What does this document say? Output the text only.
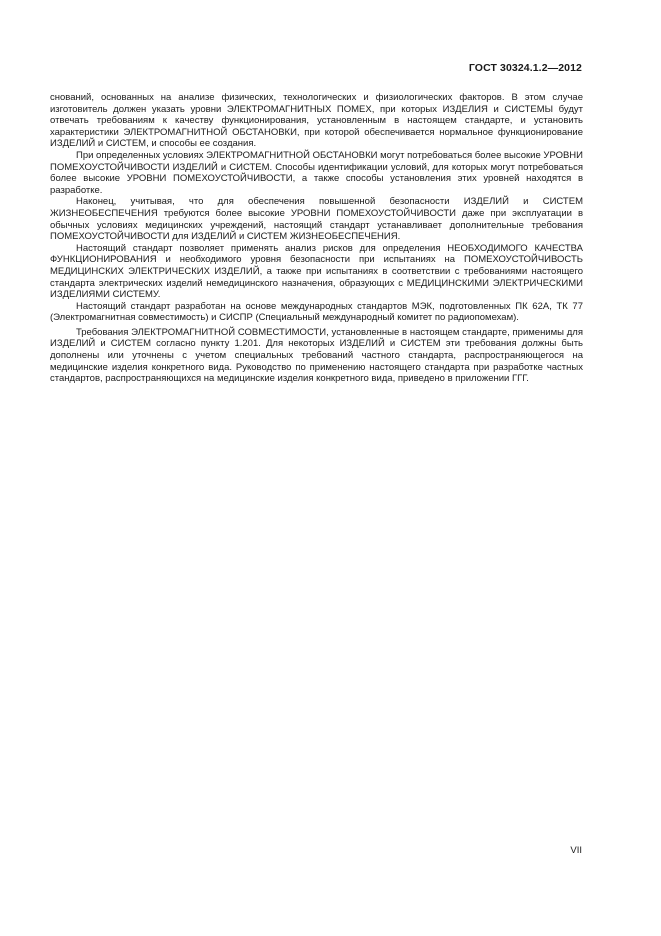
ГОСТ 30324.1.2—2012

снований, основанных на анализе физических, технологических и физиологических факторов. В этом случае изготовитель должен указать уровни ЭЛЕКТРОМАГНИТНЫХ ПОМЕХ, при которых ИЗДЕЛИЯ и СИСТЕМЫ будут отвечать требованиям к качеству функционирования, установленным в настоящем стандарте, и установить характеристики ЭЛЕКТРОМАГНИТНОЙ ОБСТАНОВКИ, при которой обеспечивается нормальное функционирование ИЗДЕЛИЙ и СИСТЕМ, и способы ее создания.

При определенных условиях ЭЛЕКТРОМАГНИТНОЙ ОБСТАНОВКИ могут потребоваться более высокие УРОВНИ ПОМЕХОУСТОЙЧИВОСТИ ИЗДЕЛИЙ и СИСТЕМ. Способы идентификации условий, для которых могут потребоваться более высокие УРОВНИ ПОМЕХОУСТОЙЧИВОСТИ, а также способы установления этих уровней находятся в разработке.

Наконец, учитывая, что для обеспечения повышенной безопасности ИЗДЕЛИЙ и СИСТЕМ ЖИЗНЕОБЕСПЕЧЕНИЯ требуются более высокие УРОВНИ ПОМЕХОУСТОЙЧИВОСТИ даже при эксплуатации в обычных условиях медицинских учреждений, настоящий стандарт устанавливает дополнительные требования ПОМЕХОУСТОЙЧИВОСТИ для ИЗДЕЛИЙ и СИСТЕМ ЖИЗНЕОБЕСПЕЧЕНИЯ.

Настоящий стандарт позволяет применять анализ рисков для определения НЕОБХОДИМОГО КАЧЕСТВА ФУНКЦИОНИРОВАНИЯ и необходимого уровня безопасности при испытаниях на ПОМЕХОУСТОЙЧИВОСТЬ МЕДИЦИНСКИХ ЭЛЕКТРИЧЕСКИХ ИЗДЕЛИЙ, а также при испытаниях в соответствии с требованиями настоящего стандарта электрических изделий немедицинского назначения, образующих с МЕДИЦИНСКИМИ ЭЛЕКТРИЧЕСКИМИ ИЗДЕЛИЯМИ СИСТЕМУ.

Настоящий стандарт разработан на основе международных стандартов МЭК, подготовленных ПК 62А, ТК 77 (Электромагнитная совместимость) и СИСПР (Специальный международный комитет по радиопомехам).

Требования ЭЛЕКТРОМАГНИТНОЙ СОВМЕСТИМОСТИ, установленные в настоящем стандарте, применимы для ИЗДЕЛИЙ и СИСТЕМ согласно пункту 1.201. Для некоторых ИЗДЕЛИЙ и СИСТЕМ эти требования должны быть дополнены или уточнены с учетом специальных требований частного стандарта, распространяющегося на медицинские изделия конкретного вида. Руководство по применению настоящего стандарта при разработке частных стандартов, распространяющихся на медицинские изделия конкретного вида, приведено в приложении ГГГ.

VII
